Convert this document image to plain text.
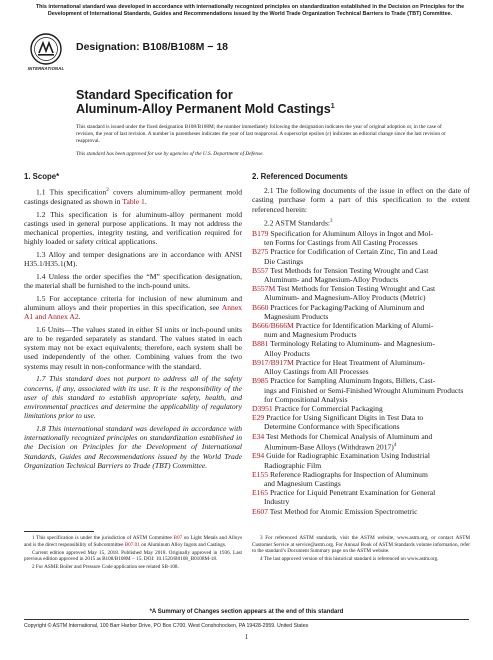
This international standard was developed in accordance with internationally recognized principles on standardization established in the Decision on Principles for the Development of International Standards, Guides and Recommendations issued by the World Trade Organization Technical Barriers to Trade (TBT) Committee.
INTERNATIONAL
Designation: B108/B108M − 18
Standard Specification for
Aluminum-Alloy Permanent Mold Castings$^1$
This standard is issued under the fixed designation B108/B108M; the number immediately following the designation indicates the year of original adoption or, in the case of revision, the year of last revision. A number in parentheses indicates the year of last reapproval. A superscript epsilon (ε) indicates an editorial change since the last revision or reapproval.
This standard has been approved for use by agencies of the U.S. Department of Defense.
1. Scope*

1.1 This specification$^2$ covers aluminum-alloy permanent mold castings designated as shown in Table 1.

1.2 This specification is for aluminum-alloy permanent mold castings used in general purpose applications. It may not address the mechanical properties, integrity testing, and verification required for highly loaded or safety critical applications.

1.3 Alloy and temper designations are in accordance with ANSI H35.1/H35.1(M).

1.4 Unless the order specifies the “M” specification designation, the material shall be furnished to the inch-pound units.

1.5 For acceptance criteria for inclusion of new aluminum and aluminum alloys and their properties in this specification, see Annex A1 and Annex A2.

1.6 Units—The values stated in either SI units or inch-pound units are to be regarded separately as standard. The values stated in each system may not be exact equivalents; therefore, each system shall be used independently of the other. Combining values from the two systems may result in non-conformance with the standard.

1.7 This standard does not purport to address all of the safety concerns, if any, associated with its use. It is the responsibility of the user of this standard to establish appropriate safety, health, and environmental practices and determine the applicability of regulatory limitations prior to use.

1.8 This international standard was developed in accordance with internationally recognized principles on standardization established in the Decision on Principles for the Development of International Standards, Guides and Recommendations issued by the World Trade Organization Technical Barriers to Trade (TBT) Committee.

2. Referenced Documents

2.1 The following documents of the issue in effect on the date of casting purchase form a part of this specification to the extent referenced herein:

2.2 ASTM Standards:$^3$

B179 Specification for Aluminum Alloys in Ingot and Mol-
ten Forms for Castings from All Casting Processes
B275 Practice for Codification of Certain Zinc, Tin and Lead
Die Castings
B557 Test Methods for Tension Testing Wrought and Cast
Aluminum- and Magnesium-Alloy Products
B557M Test Methods for Tension Testing Wrought and Cast
Aluminum- and Magnesium-Alloy Products (Metric)
B660 Practices for Packaging/Packing of Aluminum and
Magnesium Products
B666/B666M Practice for Identification Marking of Alumi-
num and Magnesium Products
B881 Terminology Relating to Aluminum- and Magnesium-
Alloy Products
B917/B917M Practice for Heat Treatment of Aluminum-
Alloy Castings from All Processes
B985 Practice for Sampling Aluminum Ingots, Billets, Cast-
ings and Finished or Semi-Finished Wrought Aluminum Products for Compositional Analysis
D3951 Practice for Commercial Packaging
E29 Practice for Using Significant Digits in Test Data to
Determine Conformance with Specifications
E34 Test Methods for Chemical Analysis of Aluminum and
Aluminum-Base Alloys (Withdrawn 2017)$^4$
E94 Guide for Radiographic Examination Using Industrial
Radiographic Film
E155 Reference Radiographs for Inspection of Aluminum
and Magnesium Castings
E165 Practice for Liquid Penetrant Examination for General
Industry
E607 Test Method for Atomic Emission Spectrometric

1 This specification is under the jurisdiction of ASTM Committee B07 on Light Metals and Alloys and is the direct responsibility of Subcommittee B07.01 on Aluminum Alloy Ingots and Castings.

Current edition approved May 15, 2018. Published May 2018. Originally approved in 1936. Last previous edition approved in 2015 as B108/B108M − 15. DOI: 10.1520/B0108_B0108M-18.

2 For ASME Boiler and Pressure Code application see related SB-108.

3 For referenced ASTM standards, visit the ASTM website, www.astm.org, or contact ASTM Customer Service at service@astm.org. For Annual Book of ASTM Standards volume information, refer to the standard’s Document Summary page on the ASTM website.

4 The last approved version of this historical standard is referenced on www.astm.org.

*A Summary of Changes section appears at the end of this standard
Copyright © ASTM International, 100 Barr Harbor Drive, PO Box C700, West Conshohocken, PA 19428-2959. United States
1
